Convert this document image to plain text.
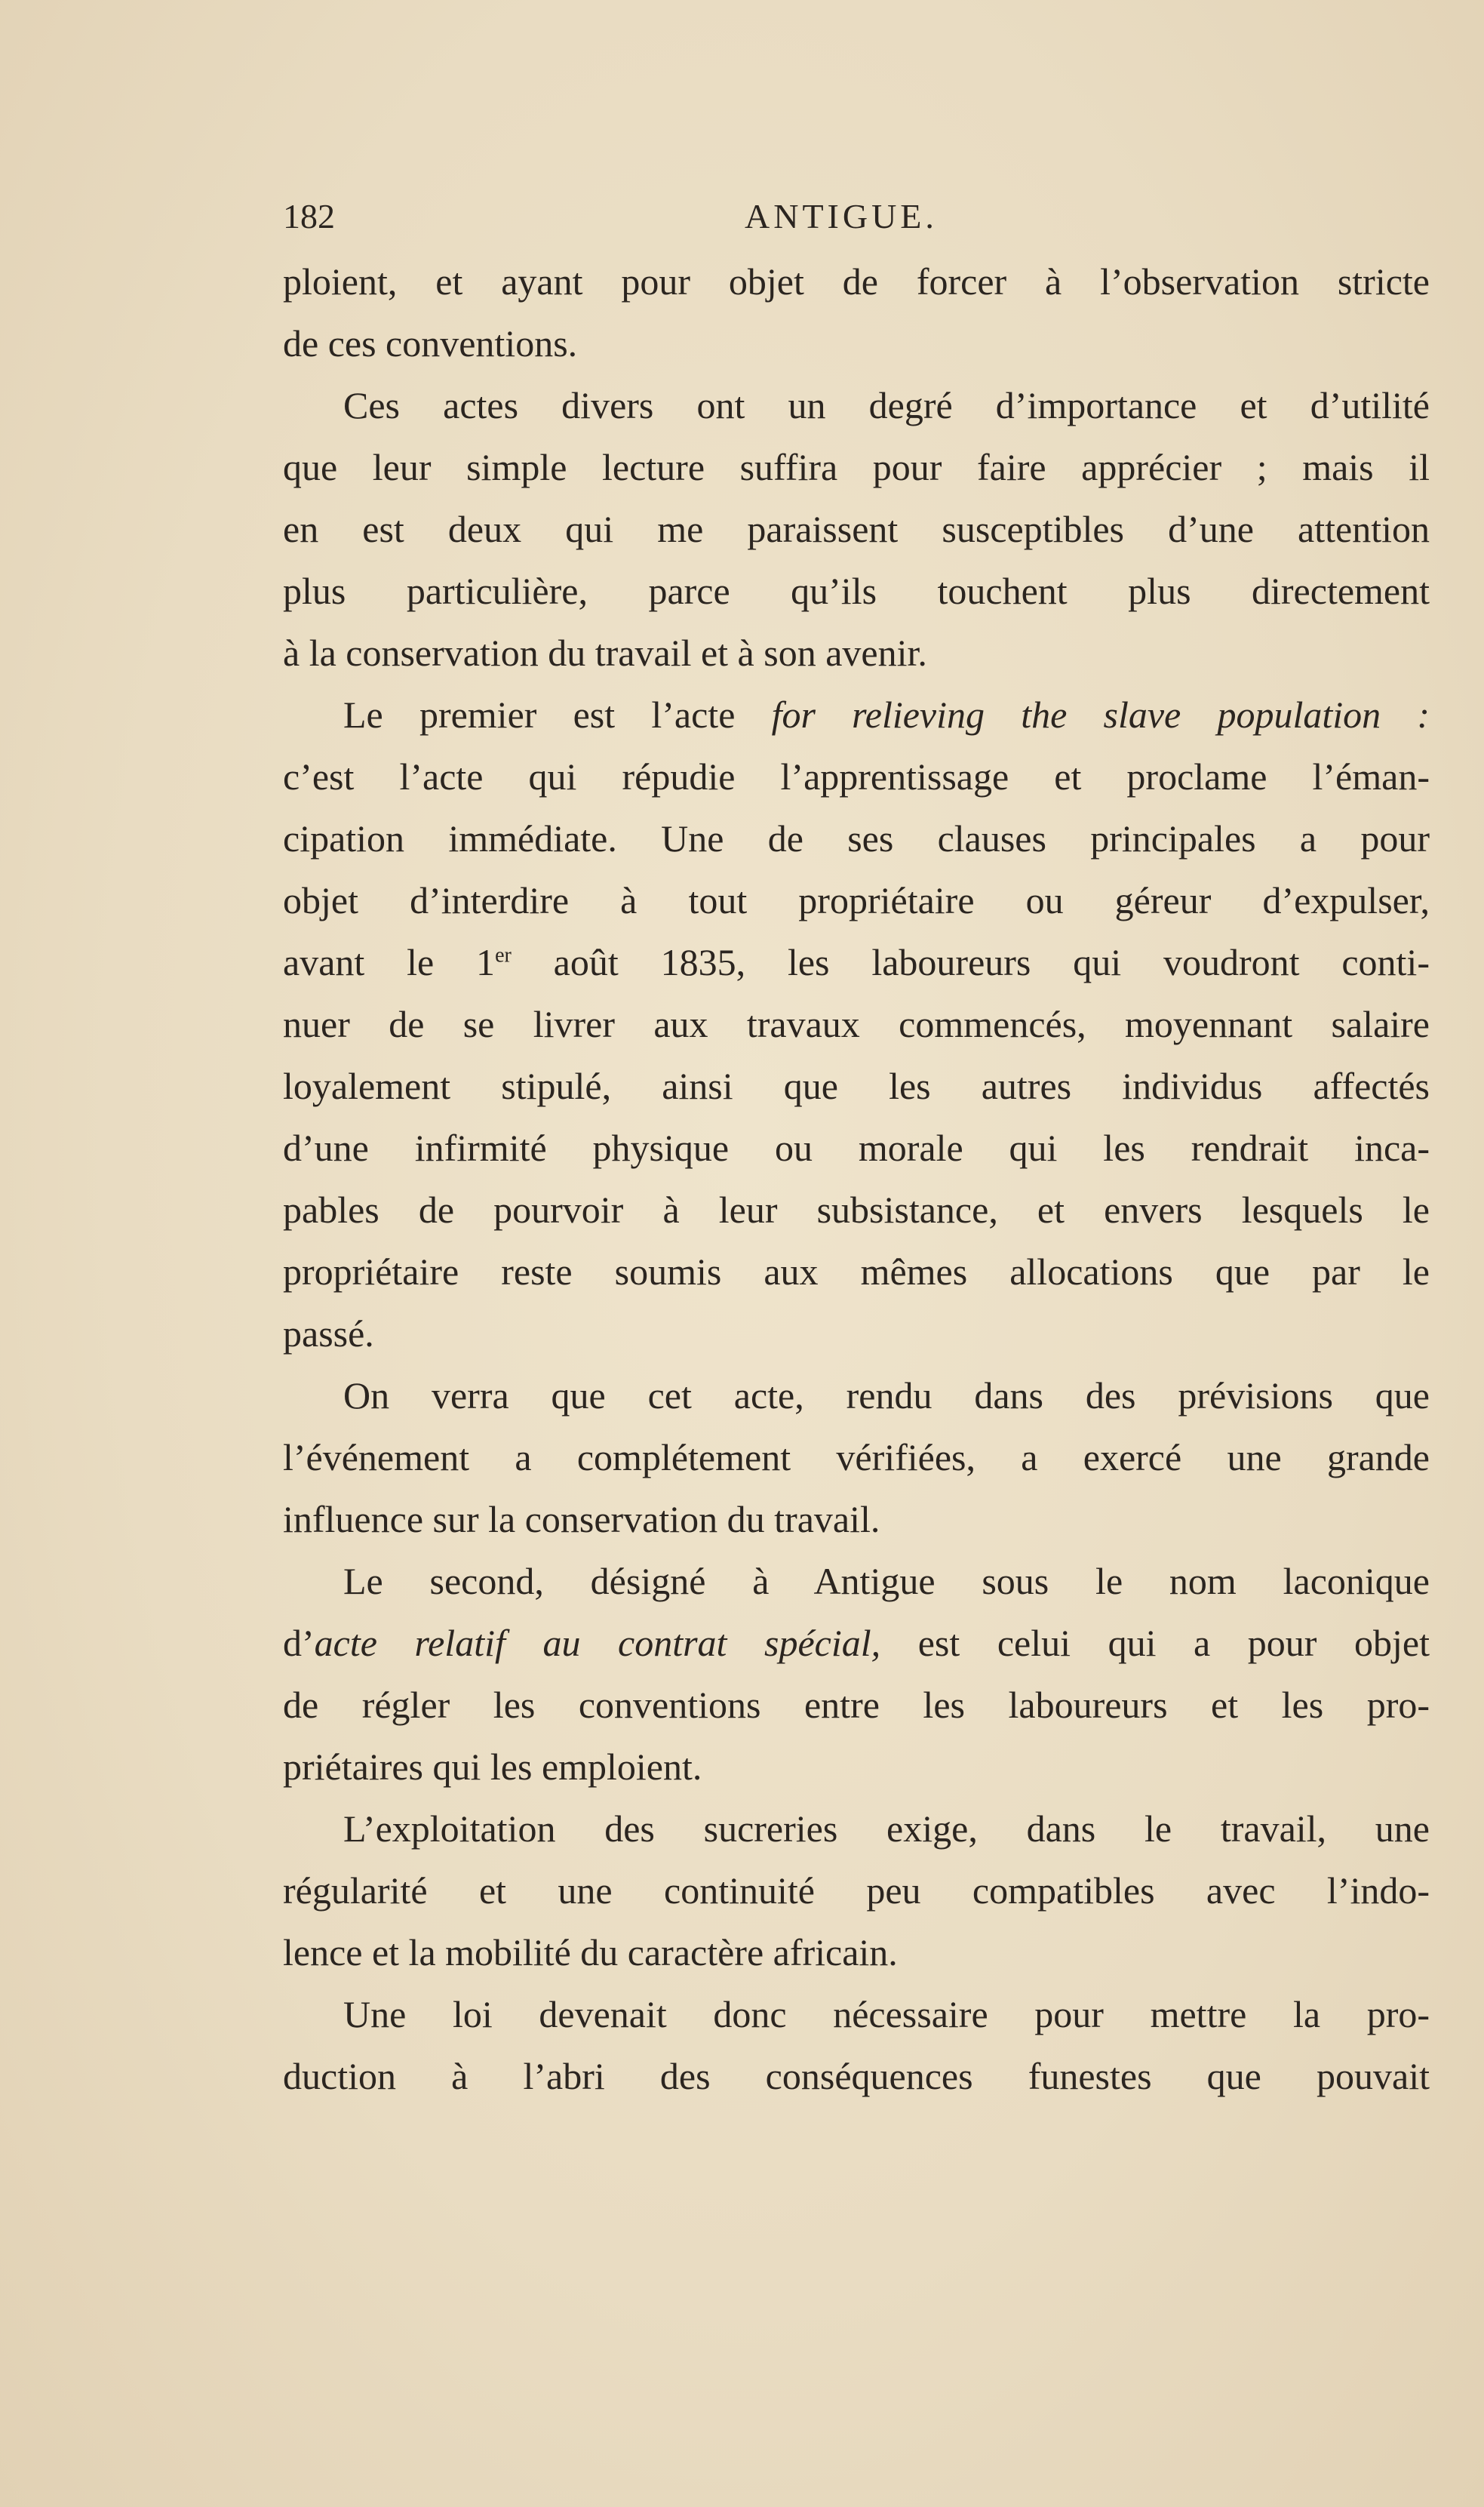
182	ANTIGUE.
ploient, et ayant pour objet de forcer à l’observation stricte
de ces conventions.
Ces actes divers ont un degré d’importance et d’utilité
que leur simple lecture suffira pour faire apprécier ; mais il
en est deux qui me paraissent susceptibles d’une attention
plus particulière, parce qu’ils touchent plus directement
à la conservation du travail et à son avenir.
Le premier est l’acte for relieving the slave population :
c’est l’acte qui répudie l’apprentissage et proclame l’éman-
cipation immédiate. Une de ses clauses principales a pour
objet d’interdire à tout propriétaire ou géreur d’expulser,
avant le 1er août 1835, les laboureurs qui voudront conti-
nuer de se livrer aux travaux commencés, moyennant salaire
loyalement stipulé, ainsi que les autres individus affectés
d’une infirmité physique ou morale qui les rendrait inca-
pables de pourvoir à leur subsistance, et envers lesquels le
propriétaire reste soumis aux mêmes allocations que par le
passé.
On verra que cet acte, rendu dans des prévisions que
l’événement a complétement vérifiées, a exercé une grande
influence sur la conservation du travail.
Le second, désigné à Antigue sous le nom laconique
d’acte relatif au contrat spécial, est celui qui a pour objet
de régler les conventions entre les laboureurs et les pro-
priétaires qui les emploient.
L’exploitation des sucreries exige, dans le travail, une
régularité et une continuité peu compatibles avec l’indo-
lence et la mobilité du caractère africain.
Une loi devenait donc nécessaire pour mettre la pro-
duction à l’abri des conséquences funestes que pouvait
